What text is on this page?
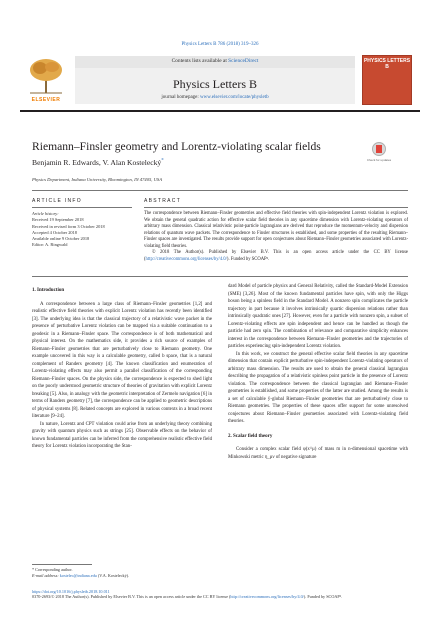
Physics Letters B 786 (2018) 319–326
ELSEVIER
Contents lists available at ScienceDirect
Physics Letters B
journal homepage: www.elsevier.com/locate/physletb
PHYSICS LETTERS B
Riemann–Finsler geometry and Lorentz-violating scalar fields
Check for updates
Benjamin R. Edwards, V. Alan Kostelecký*
Physics Department, Indiana University, Bloomington, IN 47405, USA
ARTICLE INFO	ABSTRACT
Article history:
Received 19 September 2018
Received in revised form 3 October 2018
Accepted 4 October 2018
Available online 9 October 2018
Editor: A. Ringwald
The correspondence between Riemann–Finsler geometries and effective field theories with spin-independent Lorentz violation is explored. We obtain the general quadratic action for effective scalar field theories in any spacetime dimension with Lorentz-violating operators of arbitrary mass dimension. Classical relativistic point-particle lagrangians are derived that reproduce the momentum-velocity and dispersion relations of quantum wave packets. The correspondence to Finsler structures is established, and some properties of the resulting Riemann–Finsler spaces are investigated. The results provide support for open conjectures about Riemann–Finsler geometries associated with Lorentz-violating field theories.
© 2018 The Author(s). Published by Elsevier B.V. This is an open access article under the CC BY license (http://creativecommons.org/licenses/by/4.0/). Funded by SCOAP³.
1. Introduction

A correspondence between a large class of Riemann–Finsler geometries [1,2] and realistic effective field theories with explicit Lorentz violation has recently been identified [3]. The underlying idea is that the classical trajectory of a relativistic wave packet in the presence of perturbative Lorentz violation can be mapped via a suitable continuation to a geodesic in a Riemann–Finsler space. The correspondence is of both mathematical and physical interest. On the mathematics side, it provides a rich source of examples of Riemann–Finsler geometries that are perturbatively close to Riemann geometry. One example uncovered in this way is a calculable geometry, called b space, that is a natural complement of Randers geometry [4]. The known classification and enumeration of Lorentz-violating effects may also permit a parallel classification of the corresponding Riemann–Finsler spaces. On the physics side, the correspondence is expected to shed light on the poorly understood geometric structure of theories of gravitation with explicit Lorentz breaking [5]. Also, in analogy with the geometric interpretation of Zermelo navigation [6] in terms of Randers geometry [7], the correspondence can be applied to geometric descriptions of physical systems [8]. Related concepts are explored in various contexts in a broad recent literature [9–24].

In nature, Lorentz and CPT violation could arise from an underlying theory combining gravity with quantum physics such as strings [25]. Observable effects on the behavior of known fundamental particles can be inferred from the comprehensive realistic effective field theory for Lorentz violation incorporating the Stan-

dard Model of particle physics and General Relativity, called the Standard-Model Extension (SME) [3,26]. Most of the known fundamental particles have spin, with only the Higgs boson being a spinless field in the Standard Model. A nonzero spin complicates the particle trajectory in part because it involves intrinsically quartic dispersion relations rather than intrinsically quadratic ones [27]. However, even for a particle with nonzero spin, a subset of Lorentz-violating effects are spin independent and hence can be handled as though the particle had zero spin. The combination of relevance and comparative simplicity enhances interest in the correspondence between Riemann–Finsler geometries and the trajectories of particles experiencing spin-independent Lorentz violation.

In this work, we construct the general effective scalar field theories in any spacetime dimension that contain explicit perturbative spin-independent Lorentz-violating operators of arbitrary mass dimension. The results are used to obtain the general classical lagrangian describing the propagation of a relativistic spinless point particle in the presence of Lorentz violation. The correspondence between the classical lagrangian and Riemann–Finsler geometries is established, and some properties of the latter are studied. Among the results is a set of calculable ŷ-global Riemann–Finsler geometries that are perturbatively close to Riemann geometries. The properties of these spaces offer support for some unresolved conjectures about Riemann–Finsler geometries associated with Lorentz-violating field theories.

2. Scalar field theory

Consider a complex scalar field φ(x^μ) of mass m in n-dimensional spacetime with Minkowski metric η_μν of negative signature

* Corresponding author.
E-mail address: kostelec@indiana.edu (V.A. Kostelecký).
https://doi.org/10.1016/j.physletb.2018.10.011
0370-2693/© 2018 The Author(s). Published by Elsevier B.V. This is an open access article under the CC BY license (http://creativecommons.org/licenses/by/4.0/). Funded by SCOAP³.
